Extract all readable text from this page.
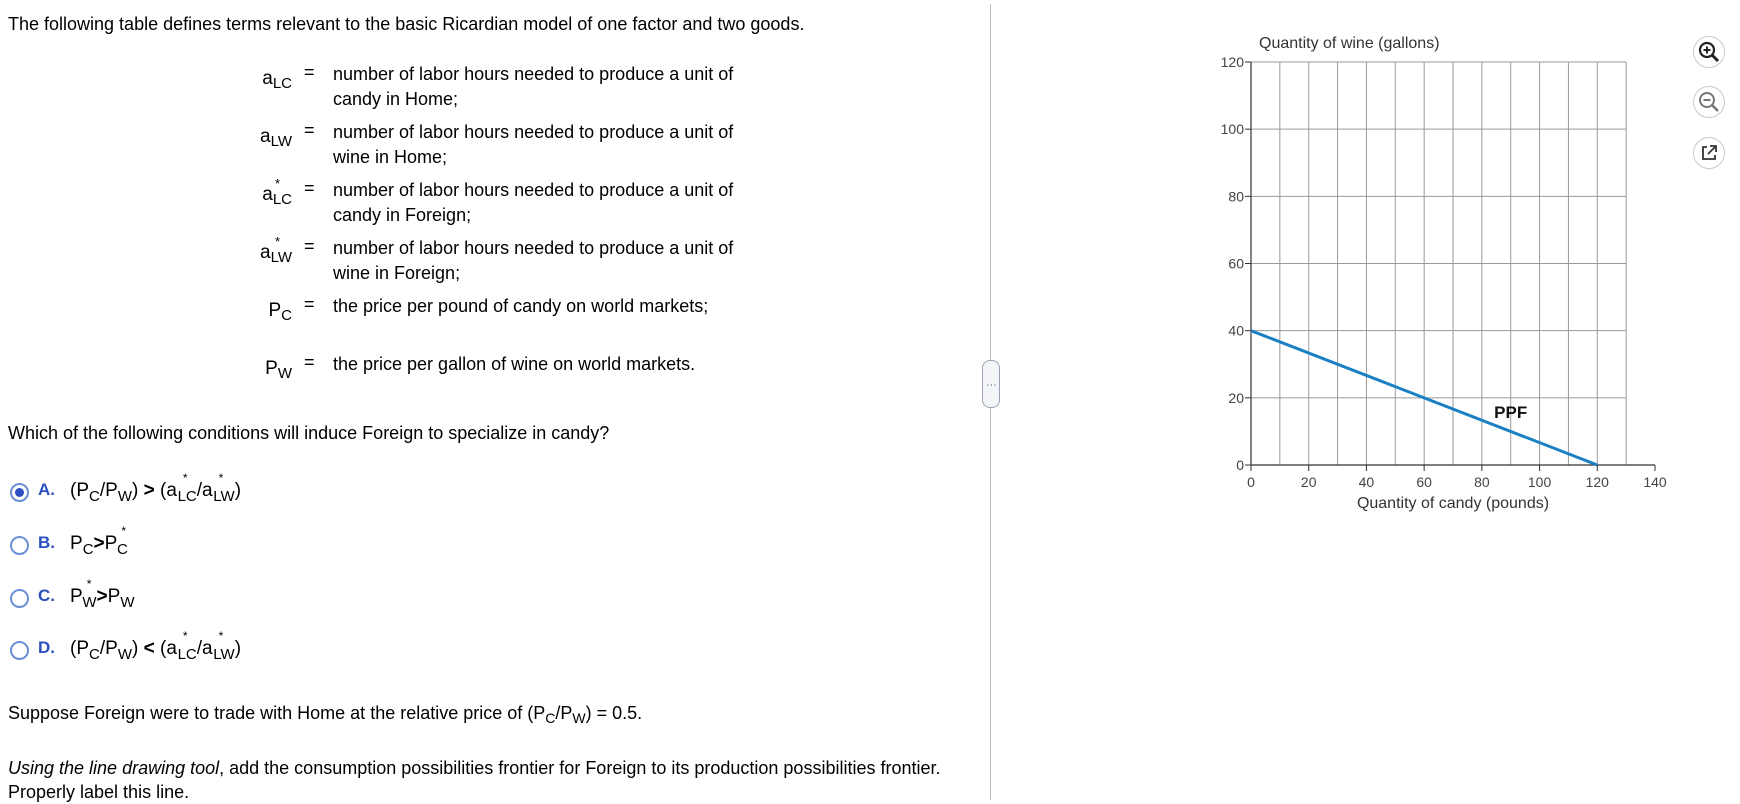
The following table defines terms relevant to the basic Ricardian model of one factor and two goods.
$a_{LC}$
= number of labor hours needed to produce a unit of candy in Home;
$a_{LW}$
= number of labor hours needed to produce a unit of wine in Home;
$a_{LC}$
* = number of labor hours needed to produce a unit of candy in Foreign;
$a_{LW}$
* = number of labor hours needed to produce a unit of wine in Foreign;
$P_C$
= the price per pound of candy on world markets;
$P_W$
= the price per gallon of wine on world markets.
Which of the following conditions will induce Foreign to specialize in candy?
A. $(P_C/P_W) > (a^*_{LC}/a^*_{LW})$
B. $P_C>P^*_C$
C. $P^*_W>P_W$
D. $(P_C/P_W) < (a^*_{LC}/a^*_{LW})$
Suppose Foreign were to trade with Home at the relative price of $(P_C/P_W) = 0.5$.
Using the line drawing tool, add the consumption possibilities frontier for Foreign to its production possibilities frontier. Properly label this line.
⋮
0	20	40	60	80	100 120 140
0
20
40
60
80
100
120
Quantity of wine (gallons)
Quantity of candy (pounds)
PPF
